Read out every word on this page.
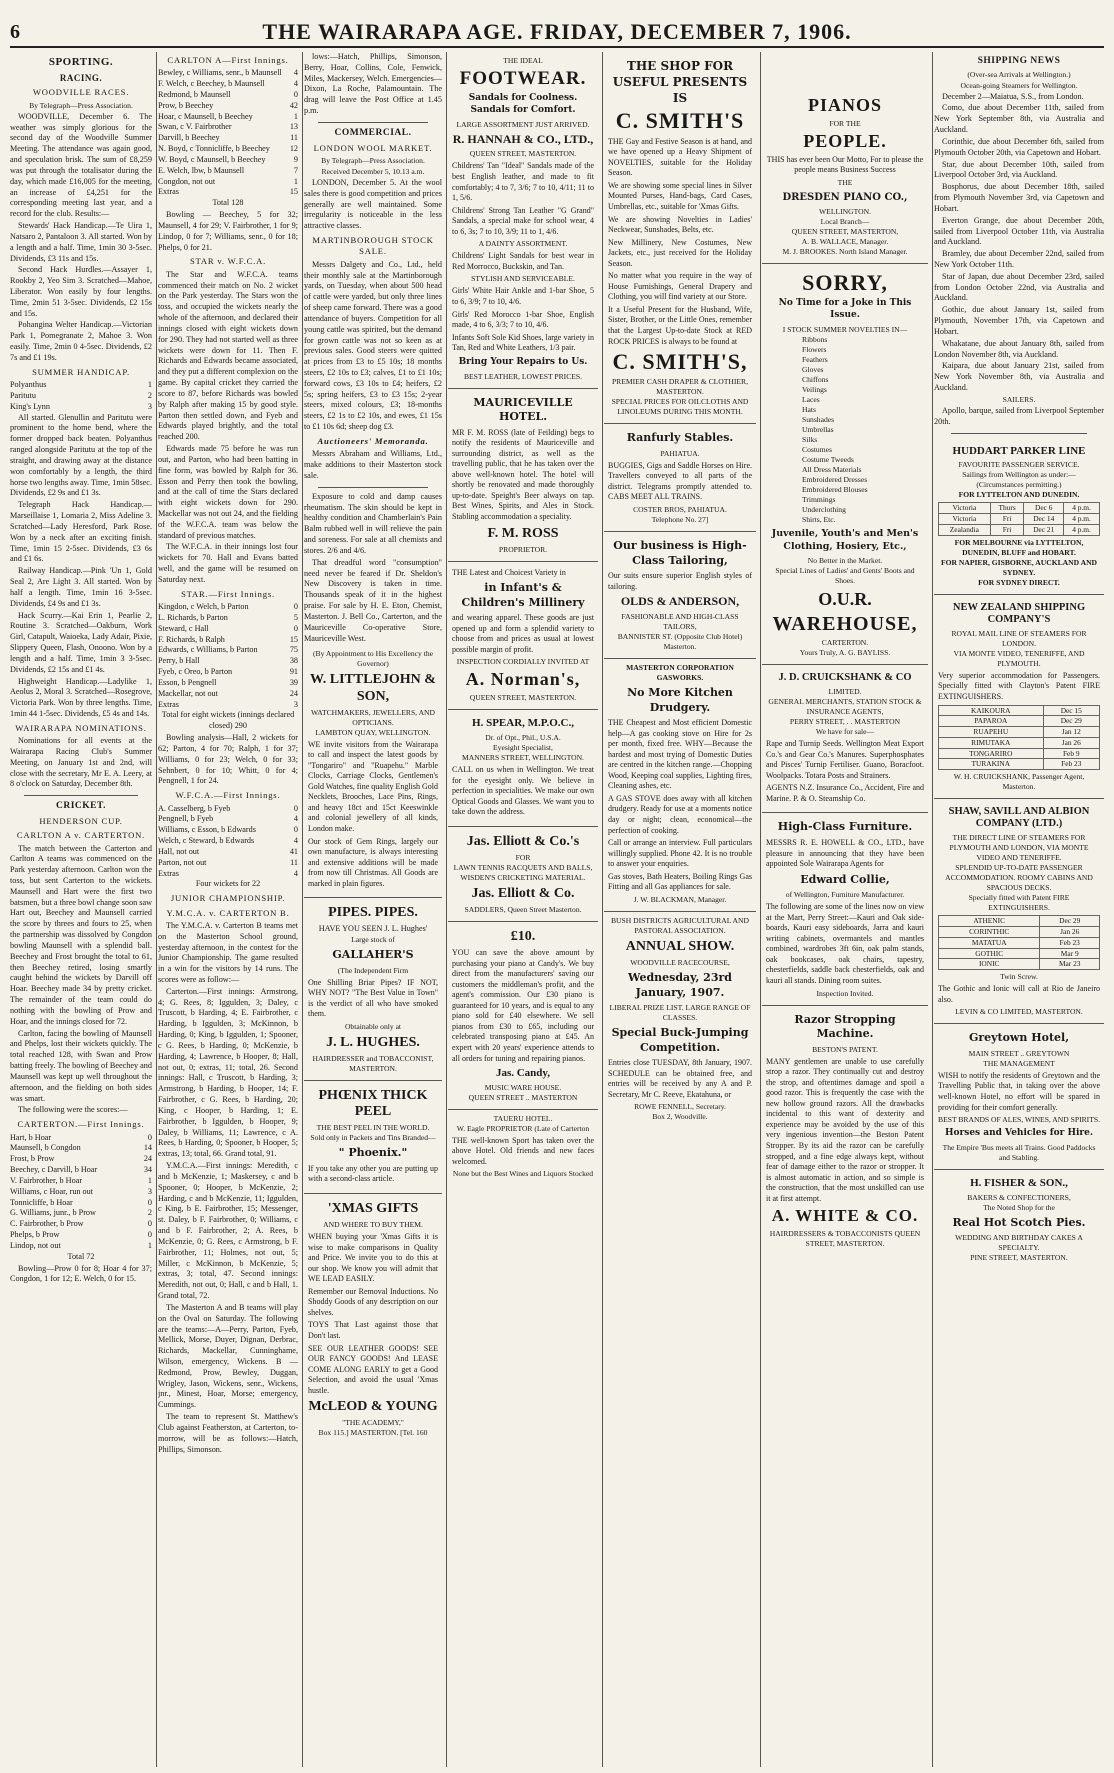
6	THE WAIRARAPA AGE. FRIDAY, DECEMBER 7, 1906.
SPORTING.
RACING.
WOODVILLE RACES.

By Telegraph—Press Association.

WOODVILLE, December 6. The weather was simply glorious for the second day of the Woodville Summer Meeting. The attendance was again good, and speculation brisk. The sum of £8,259 was put through the totalisator during the day, which made £16,005 for the meeting, an increase of £4,251 for the corresponding meeting last year, and a record for the club. Results:—

Stewards' Hack Handicap.—Te Uira 1, Natsaro 2, Pantaloon 3. All started. Won by a length and a half. Time, 1min 30 3-5sec. Dividends, £3 11s and 15s.

Second Hack Hurdles.—Assayer 1, Rookby 2, Yeo Sim 3. Scratched—Mahoe, Liberator. Won easily by four lengths. Time, 2min 51 3-5sec. Dividends, £2 15s and 15s.

Pohangina Welter Handicap.—Victorian Park 1, Pomegranate 2, Mahoe 3. Won easily. Time, 2min 0 4-5sec. Dividends, £2 7s and £1 19s.

SUMMER HANDICAP.
Polyanthus	1
Paritutu	2
King's Lynn	3

All started. Glenullin and Paritutu were prominent to the home bend, where the former dropped back beaten. Polyanthus ranged alongside Paritutu at the top of the straight, and drawing away at the distance won comfortably by a length, the third horse two lengths away. Time, 1min 58sec. Dividends, £2 9s and £1 3s.

Telegraph Hack Handicap.—Marseillaise 1, Lomaria 2, Miss Adeline 3. Scratched—Lady Heresford, Park Rose. Won by a neck after an exciting finish. Time, 1min 15 2-5sec. Dividends, £3 6s and £1 6s.

Railway Handicap.—Pink 'Un 1, Gold Seal 2, Are Light 3. All started. Won by half a length. Time, 1min 16 3-5sec. Dividends, £4 9s and £1 3s.

Hack Scurry.—Kai Erin 1, Pearlie 2, Routine 3. Scratched—Oakburn, Work Girl, Catapult, Waioeka, Lady Adair, Pixie, Slippery Queen, Flash, Onoono. Won by a length and a half. Time, 1min 3 3-5sec. Dividends, £2 15s and £1 4s.

Highweight Handicap.—Ladylike 1, Aeolus 2, Moral 3. Scratched—Rosegrove, Victoria Park. Won by three lengths. Time, 1min 44 1-5sec. Dividends, £5 4s and 14s.

WAIRARAPA NOMINATIONS.

Nominations for all events at the Wairarapa Racing Club's Summer Meeting, on January 1st and 2nd, will close with the secretary, Mr E. A. Leery, at 8 o'clock on Saturday, December 8th.

CRICKET.
HENDERSON CUP.
CARLTON A v. CARTERTON.

The match between the Carterton and Carlton A teams was commenced on the Park yesterday afternoon. Carlton won the toss, but sent Carterton to the wickets. Maunsell and Hart were the first two batsmen, but a three bowl change soon saw Hart out, Beechey and Maunsell carried the score by threes and fours to 25, when the partnership was dissolved by Congdon bowling Maunsell with a splendid ball. Beechey and Frost brought the total to 61, then Beechey retired, losing smartly caught behind the wickets by Darvill off Hoar. Beechey made 34 by pretty cricket. The remainder of the team could do nothing with the bowling of Prow and Hoar, and the innings closed for 72.

Carlton, facing the bowling of Maunsell and Phelps, lost their wickets quickly. The total reached 128, with Swan and Prow batting freely. The bowling of Beechey and Maunsell was kept up well throughout the afternoon, and the fielding on both sides was smart.

The following were the scores:—

CARTERTON.—First Innings.
Hart, b Hoar	0
Maunsell, b Congdon	14
Frost, b Prow	24
Beechey, c Darvill, b Hoar	34
V. Fairbrother, b Hoar	1
Williams, c Hoar, run out	3
Tonnicliffe, b Hoar	0
G. Williams, junr., b Prow	2
C. Fairbrother, b Prow	0
Phelps, b Prow	0
Lindop, not out	1

Total 72

Bowling—Prow 0 for 8; Hoar 4 for 37; Congdon, 1 for 12; E. Welch, 0 for 15.

CARLTON A—First Innings.
Bewley, c Williams, senr., b Maunsell 4
F. Welch, c Beechey, b Maunsell	4
Redmond, b Maunsell	0
Prow, b Beechey	42
Hoar, c Maunsell, b Beechey	1
Swan, c V. Fairbrother	13
Darvill, b Beechey	11
N. Boyd, c Tonnicliffe, b Beechey 12
W. Boyd, c Maunsell, b Beechey	9
E. Welch, lbw, b Maunsell	7
Congdon, not out	1
Extras	15

Total 128

Bowling — Beechey, 5 for 32; Maunsell, 4 for 29; V. Fairbrother, 1 for 9; Lindop, 0 for 7; Williams, senr., 0 for 18; Phelps, 0 for 21.

STAR v. W.F.C.A.

The Star and W.F.C.A. teams commenced their match on No. 2 wicket on the Park yesterday. The Stars won the toss, and occupied the wickets nearly the whole of the afternoon, and declared their innings closed with eight wickets down for 290. They had not started well as three wickets were down for 11. Then F. Richards and Edwards became associated, and they put a different complexion on the game. By capital cricket they carried the score to 87, before Richards was bowled by Ralph after making 15 by good style. Parton then settled down, and Fyeb and Edwards played brightly, and the total reached 200.

Edwards made 75 before he was run out, and Parton, who had been batting in fine form, was bowled by Ralph for 36. Esson and Perry then took the bowling, and at the call of time the Stars declared with eight wickets down for 290. Mackellar was not out 24, and the fielding of the W.F.C.A. team was below the standard of previous matches.

The W.F.C.A. in their innings lost four wickets for 70. Hall and Evans batted well, and the game will be resumed on Saturday next.

STAR.—First Innings.
Kingdon, c Welch, b Parton	0
L. Richards, b Parton	5
Steward, c Hall	0
F. Richards, b Ralph	15
Edwards, c Williams, b Parton	75
Perry, b Hall	38
Fyeb, c Oreo, b Parton	91
Esson, b Pengnell	39
Mackellar, not out	24
Extras	3

Total for eight wickets (innings declared closed) 290

Bowling analysis—Hall, 2 wickets for 62; Parton, 4 for 70; Ralph, 1 for 37; Williams, 0 for 23; Welch, 0 for 33; Sehnbert, 0 for 10; Whitt, 0 for 4; Pengnell, 1 for 24.

W.F.C.A.—First Innings.
A. Casselberg, b Fyeb	0
Pengnell, b Fyeb	4
Williams, c Esson, b Edwards	0
Welch, c Steward, b Edwards	4
Hall, not out	41
Parton, not out	11
Extras	4

Four wickets for 22

JUNIOR CHAMPIONSHIP.
Y.M.C.A. v. CARTERTON B.

The Y.M.C.A. v. Carterton B teams met on the Masterton School ground, yesterday afternoon, in the contest for the Junior Championship. The game resulted in a win for the visitors by 14 runs. The scores were as follow:—

Carterton.—First innings: Armstrong, 4; G. Rees, 8; Iggulden, 3; Daley, c Truscott, b Harding, 4; E. Fairbrother, c Harding, b Iggulden, 3; McKinnon, b Harding, 0; King, b Iggulden, 1; Spooner, c G. Rees, b Harding, 0; McKenzie, b Harding, 4; Lawrence, b Hooper, 8; Hall, not out, 0; extras, 11; total, 26. Second innings: Hall, c Truscott, b Harding, 3; Armstrong, b Harding, b Hooper, 14; F. Fairbrother, c G. Rees, b Harding, 20; King, c Hooper, b Harding, 1; E. Fairbrother, b Iggulden, b Hooper, 9; Daley, b Williams, 11; Lawrence, c A. Rees, b Harding, 0; Spooner, b Hooper, 5; extras, 13; total, 66. Grand total, 91.

Y.M.C.A.—First innings: Meredith, c and b McKenzie, 1; Maskersey, c and b Spooner, 0; Hooper, b McKenzie, 2; Harding, c and b McKenzie, 11; Iggulden, c King, b E. Fairbrother, 15; Messenger, st. Daley, b F. Fairbrother, 0; Williams, c and b F. Fairbrother, 2; A. Rees, b McKenzie, 0; G. Rees, c Armstrong, b F. Fairbrother, 11; Holmes, not out, 5; Miller, c McKinnon, b McKenzie, 5; extras, 3; total, 47. Second innings: Meredith, not out, 0; Hall, c and b Hall, 1. Grand total, 72.

The Masterton A and B teams will play on the Oval on Saturday. The following are the teams:—A—Perry, Parton, Fyeb, Mellick, Morse, Duyer, Dignan, Derbrac, Richards, Mackellar, Cunninghame, Wilson, emergency, Wickens. B — Redmond, Prow, Bewley, Duggan, Wrigley, Jason, Wickens, senr., Wickens, jnr., Minest, Hoar, Morse; emergency, Cummings.

The team to represent St. Matthew's Club against Featherston, at Carterton, to-morrow, will be as follows:—Hatch, Phillips, Simonson.

lows:—Hatch, Phillips, Simonson, Berry, Hoar, Collins, Cole, Fenwick, Miles, Mackersey, Welch. Emergencies—Dixon, La Roche, Palamountain. The drag will leave the Post Office at 1.45 p.m.

COMMERCIAL.
LONDON WOOL MARKET.

By Telegraph—Press Association.

Received December 5, 10.13 a.m.

LONDON, December 5. At the wool sales there is good competition and prices generally are well maintained. Some irregularity is noticeable in the less attractive classes.

MARTINBOROUGH STOCK SALE.

Messrs Dalgety and Co., Ltd., held their monthly sale at the Martinborough yards, on Tuesday, when about 500 head of cattle were yarded, but only three lines of sheep came forward. There was a good attendance of buyers. Competition for all young cattle was spirited, but the demand for grown cattle was not so keen as at previous sales. Good steers were quitted at prices from £3 to £5 10s; 18 months steers, £2 10s to £3; calves, £1 to £1 10s; forward cows, £3 10s to £4; heifers, £2 5s; spring heifers, £3 to £3 15s; 2-year steers, mixed colours, £3; 18-months steers, £2 1s to £2 10s, and ewes, £1 15s to £1 10s 6d; sheep dog £3.

Auctioneers' Memoranda.

Messrs Abraham and Williams, Ltd., make additions to their Masterton stock sale.

Exposure to cold and damp causes rheumatism. The skin should be kept in healthy condition and Chamberlain's Pain Balm rubbed well in will relieve the pain and soreness. For sale at all chemists and stores. 2/6 and 4/6.

That dreadful word "consumption" need never be feared if Dr. Sheldon's New Discovery is taken in time. Thousands speak of it in the highest praise. For sale by H. E. Eton, Chemist, Masterton. J. Bell Co., Carterton, and the Mauriceville Co-operative Store, Mauriceville West.

(By Appointment to His Excellency the Governor)
W. LITTLEJOHN & SON,
WATCHMAKERS, JEWELLERS, AND OPTICIANS.
LAMBTON QUAY, WELLINGTON.

WE invite visitors from the Wairarapa to call and inspect the latest goods by "Tongariro" and "Ruapehu." Marble Clocks, Carriage Clocks, Gentlemen's Gold Watches, fine quality English Gold Necklets, Brooches, Lace Pins, Rings, and heavy 18ct and 15ct Keeswinkle and colonial jewellery of all kinds, London make.

Our stock of Gem Rings, largely our own manufacture, is always interesting and extensive additions will be made from now till Christmas. All Goods are marked in plain figures.

PIPES. PIPES.
HAVE YOU SEEN J. L. Hughes'
Large stock of
GALLAHER'S
(The Independent Firm

One Shilling Briar Pipes? IF NOT, WHY NOT? "The Best Value in Town" is the verdict of all who have smoked them.

Obtainable only at
J. L. HUGHES.
HAIRDRESSER and TOBACCONIST, MASTERTON.
PHŒNIX THICK PEEL
THE BEST PEEL IN THE WORLD.
Sold only in Packets and Tins Branded—
" Phoenix."

If you take any other you are putting up with a second-class article.

'XMAS GIFTS
AND WHERE TO BUY THEM.

WHEN buying your 'Xmas Gifts it is wise to make comparisons in Quality and Price. We invite you to do this at our shop. We know you will admit that WE LEAD EASILY.

Remember our Removal Inductions. No Shoddy Goods of any description on our shelves.

TOYS That Last against those that Don't last.

SEE OUR LEATHER GOODS! SEE OUR FANCY GOODS! And LEASE COME ALONG EARLY to get a Good Selection, and avoid the usual 'Xmas hustle.

McLEOD & YOUNG
"THE ACADEMY,"
Box 115.] MASTERTON. [Tel. 160
THE IDEAL
FOOTWEAR.
Sandals for Coolness. Sandals for Comfort.
LARGE ASSORTMENT JUST ARRIVED.
R. HANNAH & CO., LTD.,
QUEEN STREET, MASTERTON.

Childrens' Tan "Ideal" Sandals made of the best English leather, and made to fit comfortably; 4 to 7, 3/6; 7 to 10, 4/11; 11 to 1, 5/6.

Childrens' Strong Tan Leather "G Grand" Sandals, a special make for school wear, 4 to 6, 3s; 7 to 10, 3/9; 11 to 1, 4/6.

A DAINTY ASSORTMENT.

Childrens' Light Sandals for best wear in Red Morrocco, Buckskin, and Tan.

STYLISH AND SERVICEABLE.

Girls' White Hair Ankle and 1-bar Shoe, 5 to 6, 3/9; 7 to 10, 4/6.

Girls' Red Morocco 1-bar Shoe, English made, 4 to 6, 3/3; 7 to 10, 4/6.

Infants Soft Sole Kid Shoes, large variety in Tan, Red and White Leathers, 1/3 pair.

Bring Your Repairs to Us.
BEST LEATHER, LOWEST PRICES.
MAURICEVILLE HOTEL.

MR F. M. ROSS (late of Feilding) begs to notify the residents of Mauriceville and surrounding district, as well as the travelling public, that he has taken over the above well-known hotel. The hotel will shortly be renovated and made thoroughly up-to-date. Speight's Beer always on tap. Best Wines, Spirits, and Ales in Stock. Stabling accommodation a speciality.

F. M. ROSS
PROPRIETOR.

THE Latest and Choicest Variety in

in Infant's & Children's Millinery

and wearing apparel. These goods are just opened up and form a splendid variety to choose from and prices as usual at lowest possible margin of profit.

INSPECTION CORDIALLY INVITED AT
A. Norman's,
QUEEN STREET, MASTERTON.
H. SPEAR, M.P.O.C.,
Dr. of Opt., Phil., U.S.A.
Eyesight Specialist,
MANNERS STREET, WELLINGTON.

CALL on us when in Wellington. We treat for the eyesight only. We believe in perfection in specialities. We make our own Optical Goods and Glasses. We want you to take down the address.

Jas. Elliott & Co.'s
FOR
LAWN TENNIS RACQUETS AND BALLS,
WISDEN'S CRICKETING MATERIAL.
Jas. Elliott & Co.
SADDLERS, Queen Street Masterton.
£10.

YOU can save the above amount by purchasing your piano at Candy's. We buy direct from the manufacturers' saving our customers the middleman's profit, and the agent's commission. Our £30 piano is guaranteed for 10 years, and is equal to any piano sold for £40 elsewhere. We sell pianos from £30 to £65, including our celebrated transposing piano at £45. An expert with 20 years' experience attends to all orders for tuning and repairing pianos.

Jas. Candy,
MUSIC WARE HOUSE.
QUEEN STREET .. MASTERTON
TAUERU HOTEL.
W. Eagle PROPRIETOR (Late of Carterton

THE well-known Sport has taken over the above Hotel. Old friends and new faces welcomed.

None but the Best Wines and Liquors Stocked
THE SHOP FOR USEFUL PRESENTS IS
C. SMITH'S

THE Gay and Festive Season is at hand, and we have opened up a Heavy Shipment of NOVELTIES, suitable for the Holiday Season.

We are showing some special lines in Silver Mounted Purses, Hand-bags, Card Cases, Umbrellas, etc., suitable for 'Xmas Gifts.

We are showing Novelties in Ladies' Neckwear, Sunshades, Belts, etc.

New Millinery, New Costumes, New Jackets, etc., just received for the Holiday Season.

No matter what you require in the way of House Furnishings, General Drapery and Clothing, you will find variety at our Store.

It a Useful Present for the Husband, Wife, Sister, Brother, or the Little Ones, remember that the Largest Up-to-date Stock at RED ROCK PRICES is always to be found at

C. SMITH'S,
PREMIER CASH DRAPER & CLOTHIER, MASTERTON.
SPECIAL PRICES FOR OILCLOTHS AND LINOLEUMS DURING THIS MONTH.
Ranfurly Stables.
PAHIATUA.

BUGGIES, Gigs and Saddle Horses on Hire. Travellers conveyed to all parts of the district. Telegrams promptly attended to. CABS MEET ALL TRAINS.

COSTER BROS, PAHIATUA.
Telephone No. 27]
Our business is High-Class Tailoring,

Our suits ensure superior English styles of tailoring.

OLDS & ANDERSON,
FASHIONABLE AND HIGH-CLASS TAILORS,
BANNISTER ST. (Opposite Club Hotel) Masterton.
MASTERTON CORPORATION GASWORKS.
No More Kitchen Drudgery.

THE Cheapest and Most efficient Domestic help—A gas cooking stove on Hire for 2s per month, fixed free. WHY—Because the hardest and most trying of Domestic Duties are centred in the kitchen range.—Chopping Wood, Keeping coal supplies, Lighting fires, Cleaning ashes, etc.

A GAS STOVE does away with all kitchen drudgery. Ready for use at a moments notice day or night; clean, economical—the perfection of cooking.

Call or arrange an interview. Full particulars willingly supplied. Phone 42. It is no trouble to answer your enquiries.

Gas stoves, Bath Heaters, Boiling Rings Gas Fitting and all Gas appliances for sale.

J. W. BLACKMAN, Manager.
BUSH DISTRICTS AGRICULTURAL AND PASTORAL ASSOCIATION.
ANNUAL SHOW.
WOODVILLE RACECOURSE,
Wednesday, 23rd January, 1907.
LIBERAL PRIZE LIST. LARGE RANGE OF CLASSES.
Special Buck-Jumping Competition.

Entries close TUESDAY, 8th January, 1907. SCHEDULE can be obtained free, and entries will be received by any A and P. Secretary, Mr C. Reeve, Ekatahuna, or

ROWE FENNELL, Secretary.
Box 2, Woodville.
PIANOS
FOR THE
PEOPLE.

THIS has ever been Our Motto, For to please the people means Business Success

THE
DRESDEN PIANO CO.,
WELLINGTON.
Local Branch—
QUEEN STREET, MASTERTON,
A. B. WALLACE, Manager.
M. J. BROOKES. North Island Manager.
SORRY,
No Time for a Joke in This Issue.
I STOCK SUMMER NOVELTIES IN—
Ribbons
Flowers
Feathers
Gloves
Chiffons
Veilings
Laces
Hats
Sunshades
Umbrellas
Silks
Costumes
Costume Tweeds
All Dress Materials
Embroidered Dresses
Embroidered Blouses
Trimmings
Underclothing
Shirts, Etc.
Juvenile, Youth's and Men's Clothing, Hosiery, Etc.,
No Better in the Market.
Special Lines of Ladies' and Gents' Boots and Shoes.
O.U.R.
WAREHOUSE,
CARTERTON.
Yours Truly, A. G. BAYLISS.
J. D. CRUICKSHANK & CO
LIMITED.
GENERAL MERCHANTS, STATION STOCK & INSURANCE AGENTS,
PERRY STREET, . . MASTERTON
We have for sale—

Rape and Turnip Seeds. Wellington Meat Export Co.'s and Gear Co.'s Manures. Superphosphates and Pisces' Turnip Fertiliser. Guano, Boracfoot. Woolpacks. Totara Posts and Strainers.

AGENTS N.Z. Insurance Co., Accident, Fire and Marine. P. & O. Steamship Co.

High-Class Furniture.

MESSRS R. E. HOWELL & CO., LTD., have pleasure in announcing that they have been appointed Sole Wairarapa Agents for

Edward Collie,
of Wellington, Furniture Manufacturer.

The following are some of the lines now on view at the Mart, Perry Street:—Kauri and Oak side-boards, Kauri easy sideboards, Jarra and kauri writing cabinets, overmantels and mantles combined, wardrobes 3ft 6in, oak palm stands, oak bookcases, oak chairs, tapestry, chesterfields, saddle back chesterfields, oak and kauri all stands. Dining room suites.

Inspection Invited.
Razor Stropping Machine.
BESTON'S PATENT.

MANY gentlemen are unable to use carefully strop a razor. They continually cut and destroy the strop, and oftentimes damage and spoil a good razor. This is frequently the case with the new hollow ground razors. All the drawbacks incidental to this want of dexterity and experience may be avoided by the use of this very ingenious invention—the Beston Patent Stropper. By its aid the razor can be carefully stropped, and a fine edge always kept, without fear of damage either to the razor or stropper. It is almost automatic in action, and so simple is the construction, that the most unskilled can use it at first attempt.

A. WHITE & CO.
HAIRDRESSERS & TOBACCONISTS QUEEN STREET, MASTERTON.
SHIPPING NEWS

(Over-sea Arrivals at Wellington.)

Ocean-going Steamers for Wellington.

December 2—Maiatua, S.S., from London.

Como, due about December 11th, sailed from New York September 8th, via Australia and Auckland.

Corinthic, due about December 6th, sailed from Plymouth October 20th, via Capetown and Hobart.

Star, due about December 10th, sailed from Liverpool October 3rd, via Auckland.

Bosphorus, due about December 18th, sailed from Plymouth November 3rd, via Capetown and Hobart.

Everton Grange, due about December 20th, sailed from Liverpool October 11th, via Australia and Auckland.

Bramley, due about December 22nd, sailed from New York October 11th.

Star of Japan, due about December 23rd, sailed from London October 22nd, via Australia and Auckland.

Gothic, due about January 1st, sailed from Plymouth, November 17th, via Capetown and Hobart.

Whakatane, due about January 8th, sailed from London November 8th, via Auckland.

Kaipara, due about January 21st, sailed from New York November 8th, via Australia and Auckland.

SAILERS.

Apollo, barque, sailed from Liverpool September 20th.

HUDDART PARKER LINE
FAVOURITE PASSENGER SERVICE.
Sailings from Wellington as under:—
(Circumstances permitting.)
FOR LYTTELTON AND DUNEDIN.
Victoria	Thurs	Dec 6	4 p.m.
Victoria	Fri	Dec 14	4 p.m.
Zealandia	Fri	Dec 21	4 p.m.
FOR MELBOURNE via LYTTELTON, DUNEDIN, BLUFF and HOBART.
FOR NAPIER, GISBORNE, AUCKLAND AND SYDNEY.
FOR SYDNEY DIRECT.
NEW ZEALAND SHIPPING COMPANY'S
ROYAL MAIL LINE OF STEAMERS FOR LONDON.
VIA MONTE VIDEO, TENERIFFE, AND PLYMOUTH.

Very superior accommodation for Passengers. Specially fitted with Clayton's Patent FIRE EXTINGUISHERS.

KAIKOURA	Dec 15
PAPAROA	Dec 29
RUAPEHU	Jan 12
RIMUTAKA	Jan 26
TONGARIRO	Feb 9
TURAKINA	Feb 23
W. H. CRUICKSHANK, Passenger Agent, Masterton.
SHAW, SAVILL AND ALBION COMPANY (LTD.)
THE DIRECT LINE OF STEAMERS FOR PLYMOUTH AND LONDON, VIA MONTE VIDEO AND TENERIFFE.
SPLENDID UP-TO-DATE PASSENGER ACCOMMODATION. ROOMY CABINS AND SPACIOUS DECKS.
Specially fitted with Patent FIRE EXTINGUISHERS.
ATHENIC	Dec 29
CORINTHIC	Jan 26
MATATUA	Feb 23
GOTHIC	Mar 9
IONIC	Mar 23
Twin Screw.

The Gothic and Ionic will call at Rio de Janeiro also.

LEVIN & CO LIMITED, MASTERTON.
Greytown Hotel,
MAIN STREET .. GREYTOWN
THE MANAGEMENT

WISH to notify the residents of Greytown and the Travelling Public that, in taking over the above well-known Hotel, no effort will be spared in providing for their comfort generally.

BEST BRANDS OF ALES, WINES, AND SPIRITS.
Horses and Vehicles for Hire.
The Empire 'Bus meets all Trains. Good Paddocks and Stabling.
H. FISHER & SON.,
BAKERS & CONFECTIONERS,
The Noted Shop for the
Real Hot Scotch Pies.
WEDDING AND BIRTHDAY CAKES A SPECIALTY.
PINE STREET, MASTERTON.
